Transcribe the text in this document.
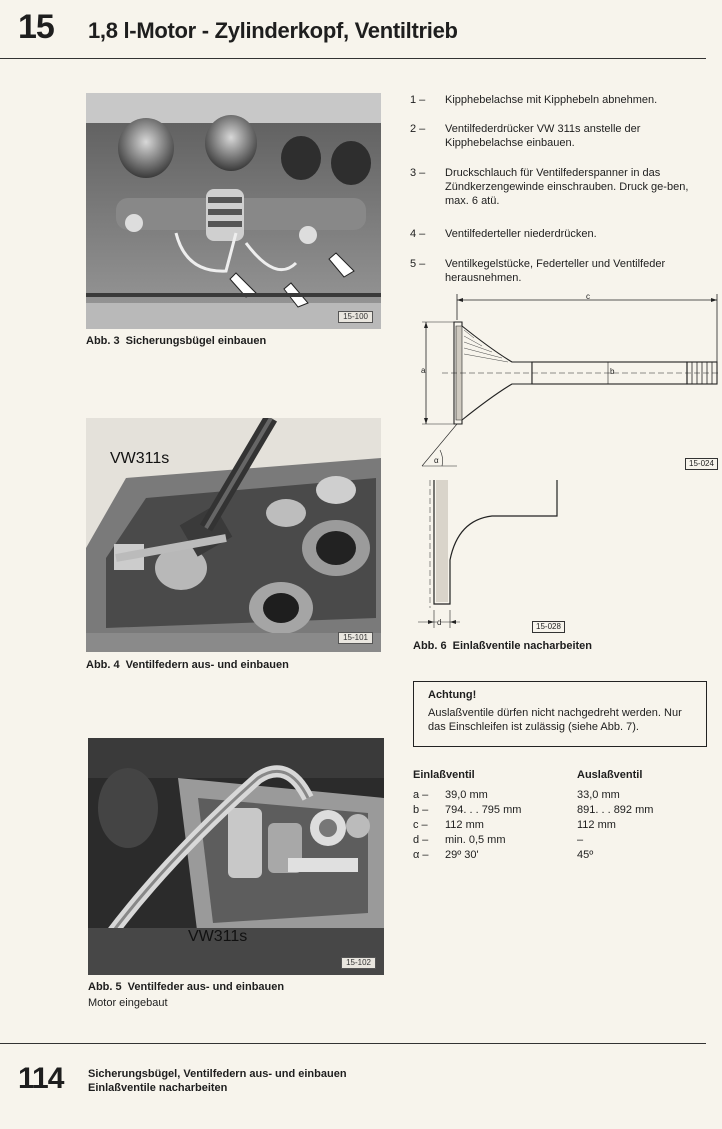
15 1,8 l-Motor - Zylinderkopf, Ventiltrieb
15-100
Abb. 3 Sicherungsbügel einbauen
VW311s
15-101
Abb. 4 Ventilfedern aus- und einbauen
VW311s
15-102
Abb. 5 Ventilfeder aus- und einbauen
Motor eingebaut
1 –	Kipphebelachse mit Kipphebeln abnehmen.
2 –	Ventilfederdrücker VW 311s anstelle der Kipphebelachse einbauen.
3 –	Druckschlauch für Ventilfederspanner in das Zündkerzengewinde einschrauben. Druck ge-ben, max. 6 atü.
4 –	Ventilfederteller niederdrücken.
5 –	Ventilkegelstücke, Federteller und Ventilfeder herausnehmen.
c
a	b
α	15-024
d	15-028
Abb. 6 Einlaßventile nacharbeiten
Achtung!
Auslaßventile dürfen nicht nachgedreht werden. Nur das Einschleifen ist zulässig (siehe Abb. 7).
Einlaßventil	Auslaßventil
a –	39,0 mm	33,0 mm
b –	794. . . 795 mm	891. . . 892 mm
c –	112 mm	112 mm
d –	min. 0,5 mm	–
α –	29º 30'	45º
114 Sicherungsbügel, Ventilfedern aus- und einbauen
Einlaßventile nacharbeiten
